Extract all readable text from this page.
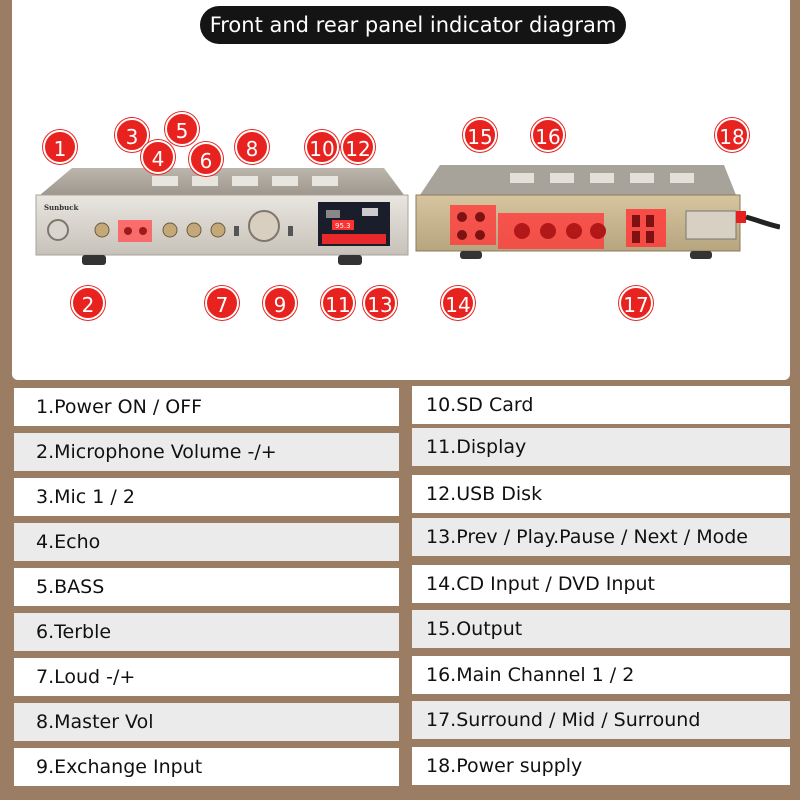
Front and rear panel indicator diagram
Sunbuck
95.3
1
2
3
4
5
6
7
8
9
10
11
12
13	14
15 16
17
18
1.Power ON / OFF
2.Microphone Volume -/+
3.Mic 1 / 2
4.Echo
5.BASS
6.Terble
7.Loud -/+
8.Master Vol
9.Exchange Input
10.SD Card
11.Display
12.USB Disk
13.Prev / Play.Pause / Next / Mode
14.CD Input / DVD Input
15.Output
16.Main Channel 1 / 2
17.Surround / Mid / Surround
18.Power supply
